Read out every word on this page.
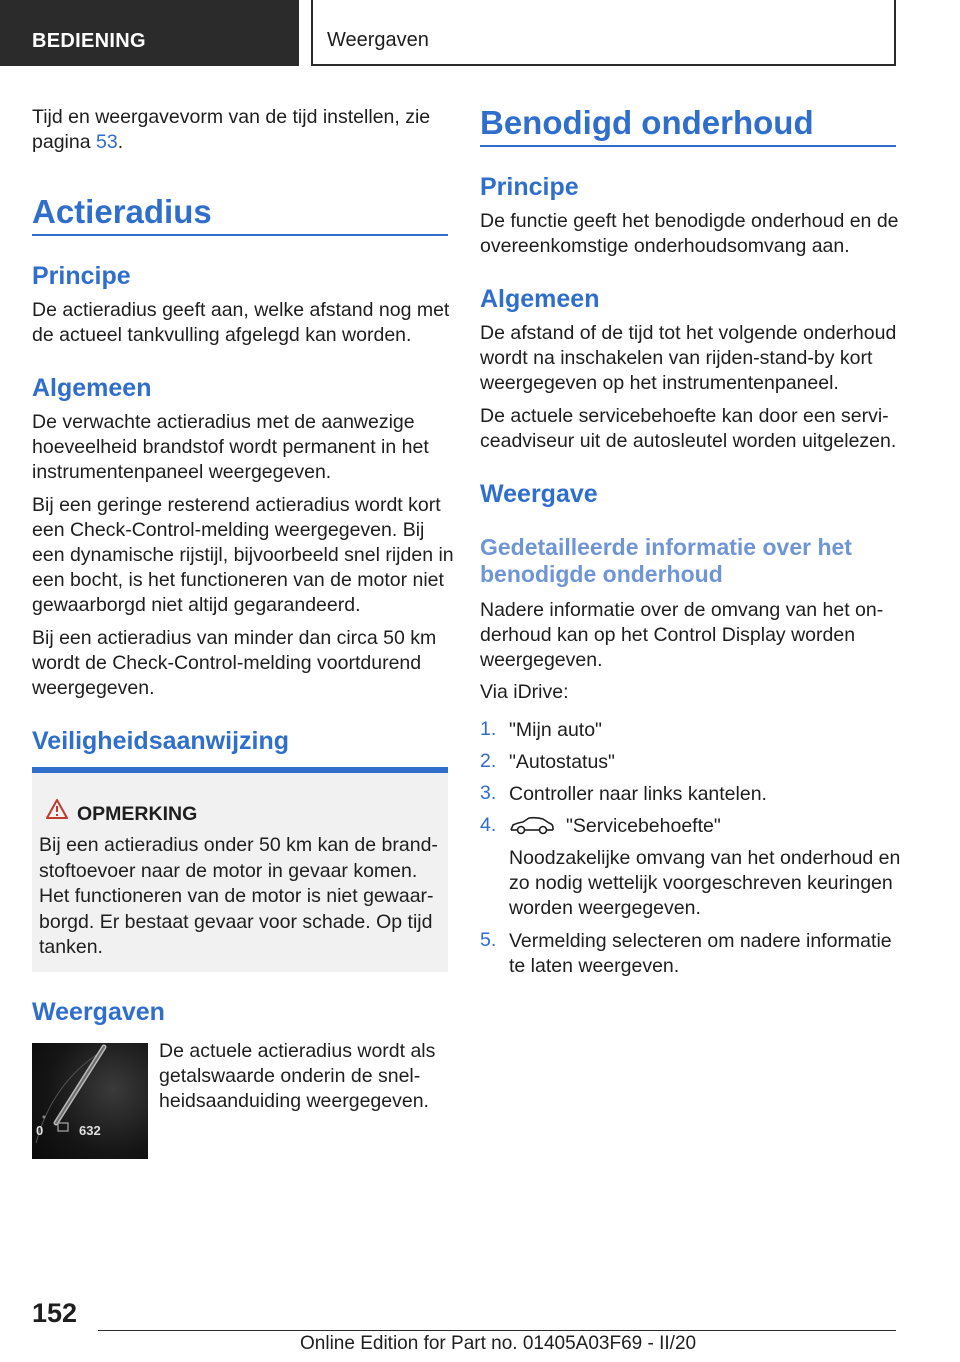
BEDIENING	Weergaven

Tijd en weergavevorm van de tijd instellen, zie

pagina 53.

Actieradius
Principe

De actieradius geeft aan, welke afstand nog met

de actueel tankvulling afgelegd kan worden.

Algemeen

De verwachte actieradius met de aanwezige

hoeveelheid brandstof wordt permanent in het

instrumentenpaneel weergegeven.

Bij een geringe resterend actieradius wordt kort

een Check-Control-melding weergegeven. Bij

een dynamische rijstijl, bijvoorbeeld snel rijden in

een bocht, is het functioneren van de motor niet

gewaarborgd niet altijd gegarandeerd.

Bij een actieradius van minder dan circa 50 km

wordt de Check-Control-melding voortdurend

weergegeven.

Veiligheidsaanwijzing
OPMERKING

Bij een actieradius onder 50 km kan de brand-

stoftoevoer naar de motor in gevaar komen.

Het functioneren van de motor is niet gewaar-

borgd. Er bestaat gevaar voor schade. Op tijd

tanken.

Weergaven
0	632

De actuele actieradius wordt als

getalswaarde onderin de snel-

heidsaanduiding weergegeven.

Benodigd onderhoud
Principe

De functie geeft het benodigde onderhoud en de

overeenkomstige onderhoudsomvang aan.

Algemeen

De afstand of de tijd tot het volgende onderhoud

wordt na inschakelen van rijden-stand-by kort

weergegeven op het instrumentenpaneel.

De actuele servicebehoefte kan door een servi-

ceadviseur uit de autosleutel worden uitgelezen.

Weergave
Gedetailleerde informatie over het
benodigde onderhoud

Nadere informatie over de omvang van het on-

derhoud kan op het Control Display worden

weergegeven.

Via iDrive:

1. "Mijn auto"
2. "Autostatus"
3. Controller naar links kantelen.
4.	"Servicebehoefte"

Noodzakelijke omvang van het onderhoud en

zo nodig wettelijk voorgeschreven keuringen

worden weergegeven.

5. Vermelding selecteren om nadere informatie

te laten weergeven.

152
Online Edition for Part no. 01405A03F69 - II/20
